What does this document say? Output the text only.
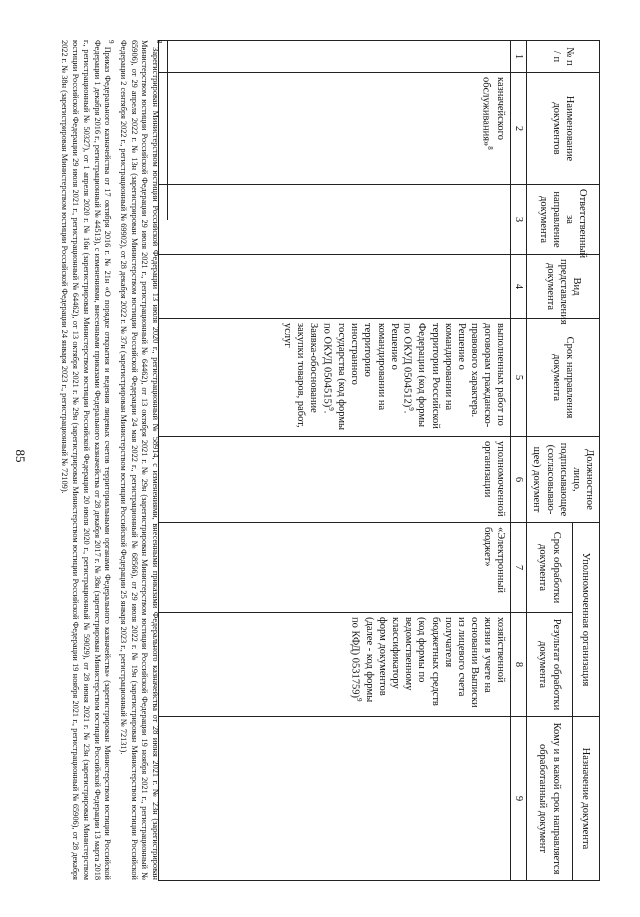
85
№ п / п	Наименование документов	Ответственный за направление документа	Вид представления документа	Срок направления документа	Должностное лицо, подписывающее (согласовываю-щее) документ	Уполномоченная организация		Назначение документа
						Срок обработки документа	Результат обработки документа	Кому и в какой срок направляется обработанный документ
1	2	3	4	5	6	7	8	9
	казначейского обслуживания»$^8$			выполненных работ по договорам гражданско-правового характера. Решение о командировании на территории Российской Федерации (код формы по ОКУД 0504512)$^9$. Решение о командировании на территорию иностранного государства (код формы по ОКУД 0504515)$^9$. Заявка-обоснование закупки товаров, работ, услуг	уполномоченной организации	«Электронный бюджет»	хозяйственной жизни в учете на основании Выписки из лицевого счета получателя бюджетных средств (код формы по ведомственному классификатору форм документов (далее - код формы по КФД) 0531759)$^9$	

$^8$ Зарегистрирован Министерством юстиции Российской Федерации 13 июля 2020 г., регистрационный № 58914, с изменениями, внесенными приказами Федерального казначейства от 28 июня 2021 г. № 23н (зарегистрирован Министерством юстиции Российской Федерации 29 июля 2021 г., регистрационный № 64462), от 13 октября 2021 г. № 29н (зарегистрирован Министерством юстиции Российской Федерации 19 ноября 2021 г., регистрационный № 65906), от 29 апреля 2022 г. № 13н (зарегистрирован Министерством юстиции Российской Федерации 24 мая 2022 г., регистрационный № 68566), от 29 июля 2022 г. № 19н (зарегистрирован Министерством юстиции Российской Федерации 2 сентября 2022 г., регистрационный № 69902), от 28 декабря 2022 г. № 37н (зарегистрирован Министерством юстиции Российской Федерации 25 января 2023 г., регистрационный № 72131).

$^9$ Приказ Федерального казначейства от 17 октября 2016 г. № 21н «О порядке открытия и ведения лицевых счетов территориальными органами Федерального казначейства» (зарегистрирован Министерством юстиции Российской Федерации 1 декабря 2016 г., регистрационный № 44513), с изменениями, внесенными приказами Федерального казначейства от 28 декабря 2017 г. № 38н (зарегистрирован Министерством юстиции Российской Федерации 13 марта 2018 г., регистрационный № 50327), от 1 апреля 2020 г. № 16н (зарегистрирован Министерством юстиции Российской Федерации 20 июля 2020 г., регистрационный № 59029), от 28 июня 2021 г. № 23н (зарегистрирован Министерством юстиции Российской Федерации 29 июля 2021 г., регистрационный № 64462), от 13 октября 2021 г. № 29н (зарегистрирован Министерством юстиции Российской Федерации 19 ноября 2021 г., регистрационный № 65906), от 28 декабря 2022 г. № 38н (зарегистрирован Министерством юстиции Российской Федерации 24 января 2023 г., регистрационный № 72109).
